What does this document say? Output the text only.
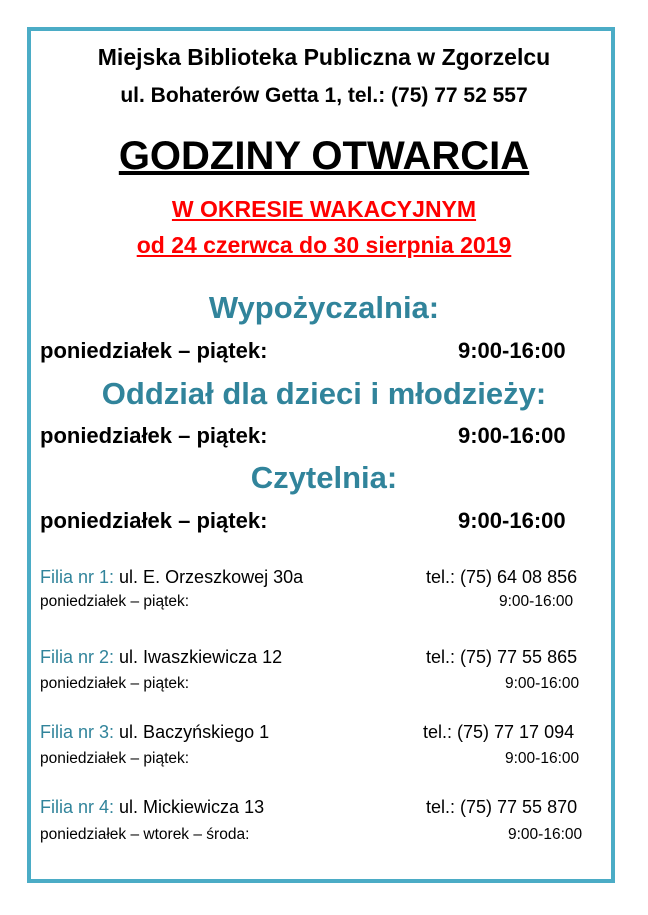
Miejska Biblioteka Publiczna w Zgorzelcu
ul. Bohaterów Getta 1, tel.: (75) 77 52 557
GODZINY OTWARCIA
W OKRESIE WAKACYJNYM
od 24 czerwca do 30 sierpnia 2019
Wypożyczalnia:
poniedziałek – piątek:	9:00-16:00
Oddział dla dzieci i młodzieży:
poniedziałek – piątek:	9:00-16:00
Czytelnia:
poniedziałek – piątek:	9:00-16:00
Filia nr 1: ul. E. Orzeszkowej 30a	tel.: (75) 64 08 856
poniedziałek – piątek:	9:00-16:00
Filia nr 2: ul. Iwaszkiewicza 12	tel.: (75) 77 55 865
poniedziałek – piątek:	9:00-16:00
Filia nr 3: ul. Baczyńskiego 1	tel.: (75) 77 17 094
poniedziałek – piątek:	9:00-16:00
Filia nr 4: ul. Mickiewicza 13	tel.: (75) 77 55 870
poniedziałek – wtorek – środa:	9:00-16:00
